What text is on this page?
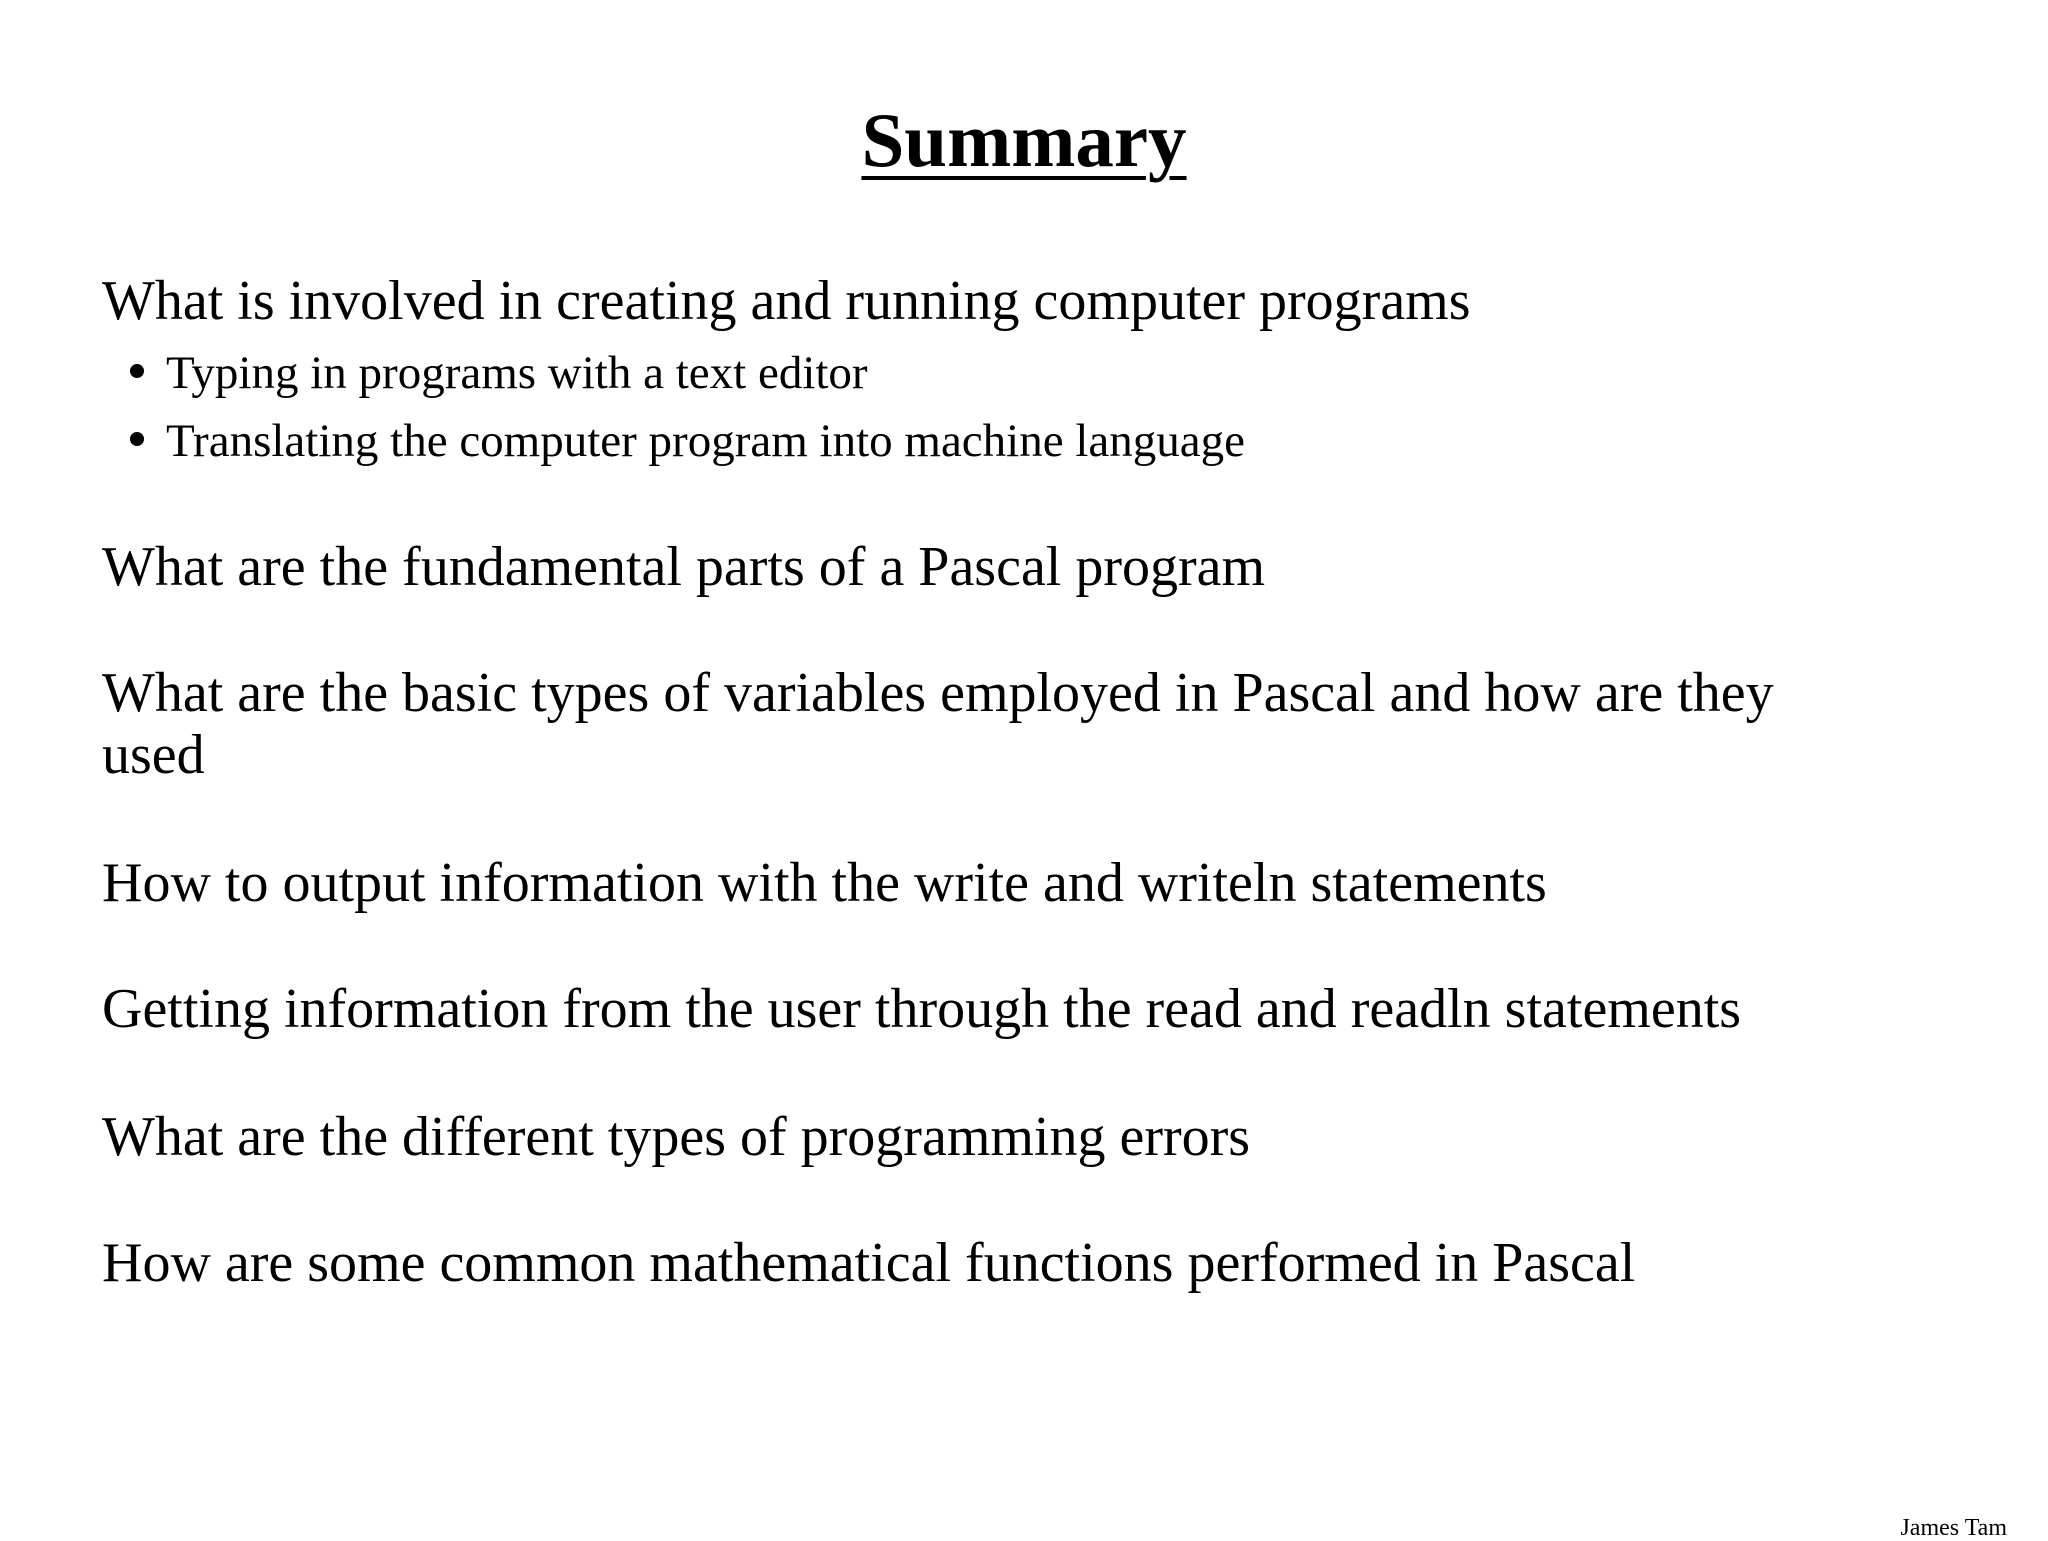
Summary

What is involved in creating and running computer programs

Typing in programs with a text editor

Translating the computer program into machine language

What are the fundamental parts of a Pascal program

What are the basic types of variables employed in Pascal and how are they used

How to output information with the write and writeln statements

Getting information from the user through the read and readln statements

What are the different types of programming errors

How are some common mathematical functions performed in Pascal

James Tam
